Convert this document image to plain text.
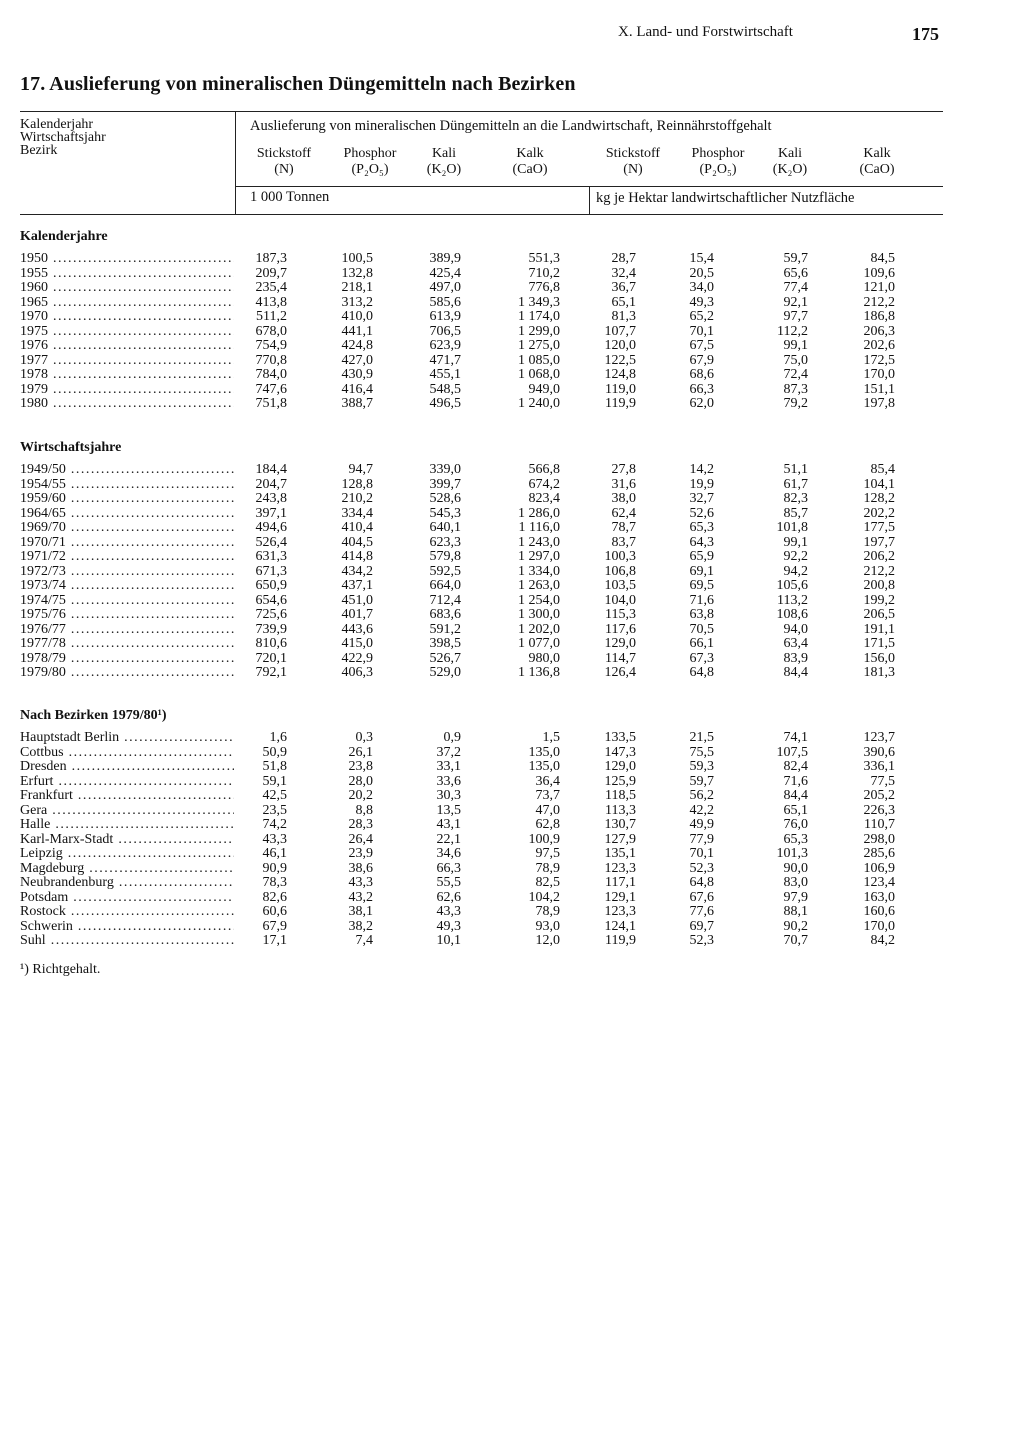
X. Land- und Forstwirtschaft	175
17. Auslieferung von mineralischen Düngemitteln nach Bezirken
Kalenderjahr
Wirtschaftsjahr
Bezirk
Auslieferung von mineralischen Düngemitteln an die Landwirtschaft, Reinnährstoffgehalt
Stickstoff
(N)
Phosphor
(P₂O₅)
Kali
(K₂O)
Kalk
(CaO)
Stickstoff
(N)
Phosphor
(P₂O₅)
Kali
(K₂O)
Kalk
(CaO)
1 000 Tonnen	kg je Hektar landwirtschaftlicher Nutzfläche
Kalenderjahre
1950 .....	187,3	100,5	389,9	551,3	28,7	15,4	59,7	84,5
1955 .....	209,7	132,8	425,4	710,2	32,4	20,5	65,6	109,6
1960 .....	235,4	218,1	497,0	776,8	36,7	34,0	77,4	121,0
1965 .....	413,8	313,2	585,6	1 349,3	65,1	49,3	92,1	212,2
1970 .....	511,2	410,0	613,9	1 174,0	81,3	65,2	97,7	186,8
1975 .....	678,0	441,1	706,5	1 299,0	107,7	70,1	112,2	206,3
1976 .....	754,9	424,8	623,9	1 275,0	120,0	67,5	99,1	202,6
1977 .....	770,8	427,0	471,7	1 085,0	122,5	67,9	75,0	172,5
1978 .....	784,0	430,9	455,1	1 068,0	124,8	68,6	72,4	170,0
1979 .....	747,6	416,4	548,5	949,0	119,0	66,3	87,3	151,1
1980 .....	751,8	388,7	496,5	1 240,0	119,9	62,0	79,2	197,8
Wirtschaftsjahre
1949/50 .....	184,4	94,7	339,0	566,8	27,8	14,2	51,1	85,4
1954/55 .....	204,7	128,8	399,7	674,2	31,6	19,9	61,7	104,1
1959/60 .....	243,8	210,2	528,6	823,4	38,0	32,7	82,3	128,2
1964/65 .....	397,1	334,4	545,3	1 286,0	62,4	52,6	85,7	202,2
1969/70 .....	494,6	410,4	640,1	1 116,0	78,7	65,3	101,8	177,5
1970/71 .....	526,4	404,5	623,3	1 243,0	83,7	64,3	99,1	197,7
1971/72 .....	631,3	414,8	579,8	1 297,0	100,3	65,9	92,2	206,2
1972/73 .....	671,3	434,2	592,5	1 334,0	106,8	69,1	94,2	212,2
1973/74 .....	650,9	437,1	664,0	1 263,0	103,5	69,5	105,6	200,8
1974/75 .....	654,6	451,0	712,4	1 254,0	104,0	71,6	113,2	199,2
1975/76 .....	725,6	401,7	683,6	1 300,0	115,3	63,8	108,6	206,5
1976/77 .....	739,9	443,6	591,2	1 202,0	117,6	70,5	94,0	191,1
1977/78 .....	810,6	415,0	398,5	1 077,0	129,0	66,1	63,4	171,5
1978/79 .....	720,1	422,9	526,7	980,0	114,7	67,3	83,9	156,0
1979/80 .....	792,1	406,3	529,0	1 136,8	126,4	64,8	84,4	181,3
Nach Bezirken 1979/80¹)
Hauptstadt Berlin .....	1,6	0,3	0,9	1,5	133,5	21,5	74,1	123,7
Cottbus .....	50,9	26,1	37,2	135,0	147,3	75,5	107,5	390,6
Dresden .....	51,8	23,8	33,1	135,0	129,0	59,3	82,4	336,1
Erfurt .....	59,1	28,0	33,6	36,4	125,9	59,7	71,6	77,5
Frankfurt .....	42,5	20,2	30,3	73,7	118,5	56,2	84,4	205,2
Gera .....	23,5	8,8	13,5	47,0	113,3	42,2	65,1	226,3
Halle .....	74,2	28,3	43,1	62,8	130,7	49,9	76,0	110,7
Karl-Marx-Stadt .....	43,3	26,4	22,1	100,9	127,9	77,9	65,3	298,0
Leipzig .....	46,1	23,9	34,6	97,5	135,1	70,1	101,3	285,6
Magdeburg .....	90,9	38,6	66,3	78,9	123,3	52,3	90,0	106,9
Neubrandenburg .....	78,3	43,3	55,5	82,5	117,1	64,8	83,0	123,4
Potsdam .....	82,6	43,2	62,6	104,2	129,1	67,6	97,9	163,0
Rostock .....	60,6	38,1	43,3	78,9	123,3	77,6	88,1	160,6
Schwerin .....	67,9	38,2	49,3	93,0	124,1	69,7	90,2	170,0
Suhl .....	17,1	7,4	10,1	12,0	119,9	52,3	70,7	84,2
¹) Richtgehalt.
